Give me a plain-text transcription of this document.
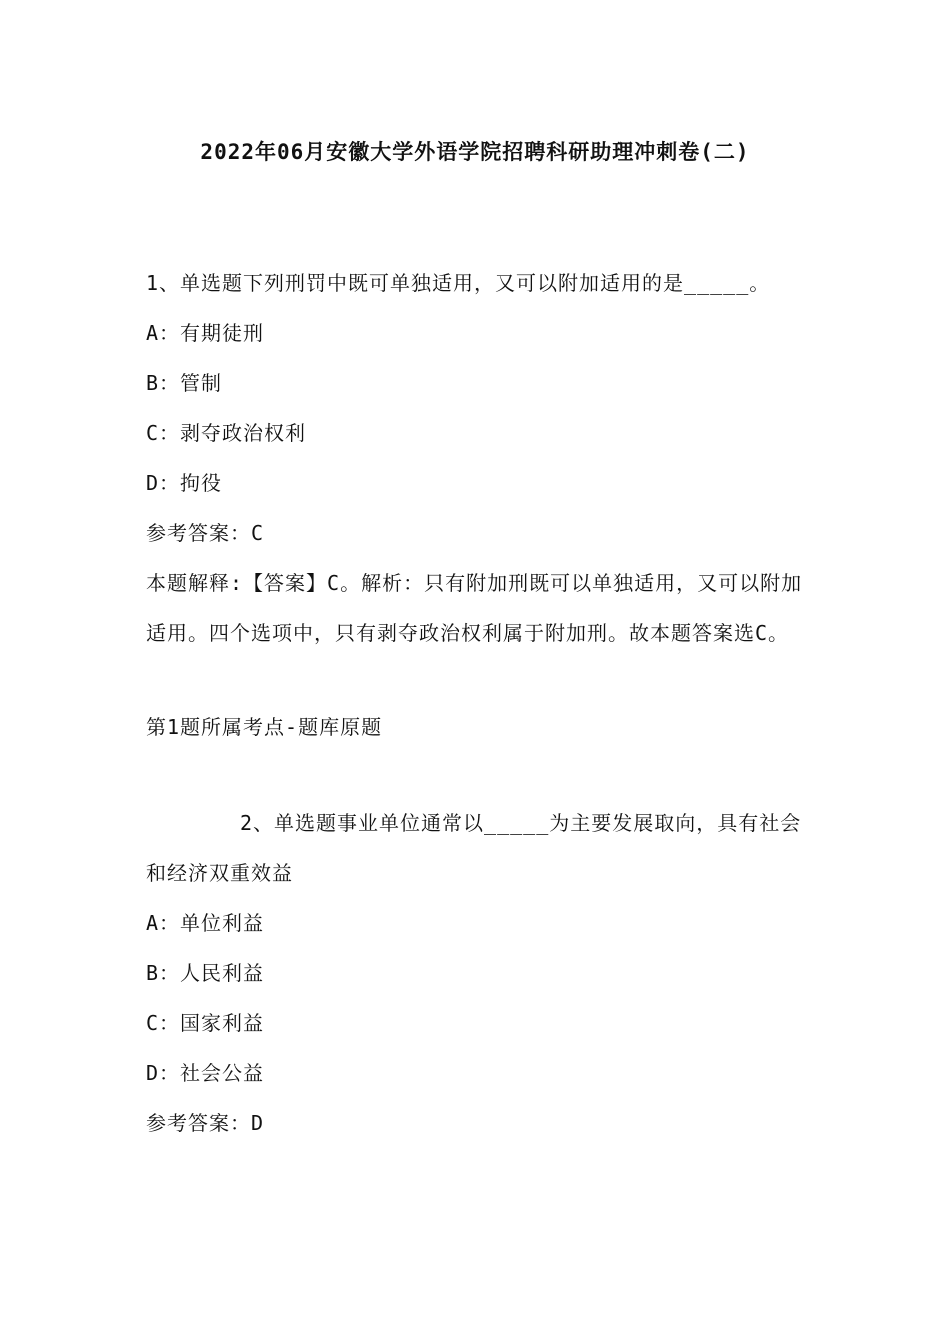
2022年06月安徽大学外语学院招聘科研助理冲刺卷(二)

1、单选题下列刑罚中既可单独适用，又可以附加适用的是_____。

A：有期徒刑

B：管制

C：剥夺政治权利

D：拘役

参考答案：C

本题解释:【答案】C。解析：只有附加刑既可以单独适用，又可以附加适用。四个选项中，只有剥夺政治权利属于附加刑。故本题答案选C。

第1题所属考点-题库原题

2、单选题事业单位通常以_____为主要发展取向，具有社会和经济双重效益

A：单位利益

B：人民利益

C：国家利益

D：社会公益

参考答案：D
